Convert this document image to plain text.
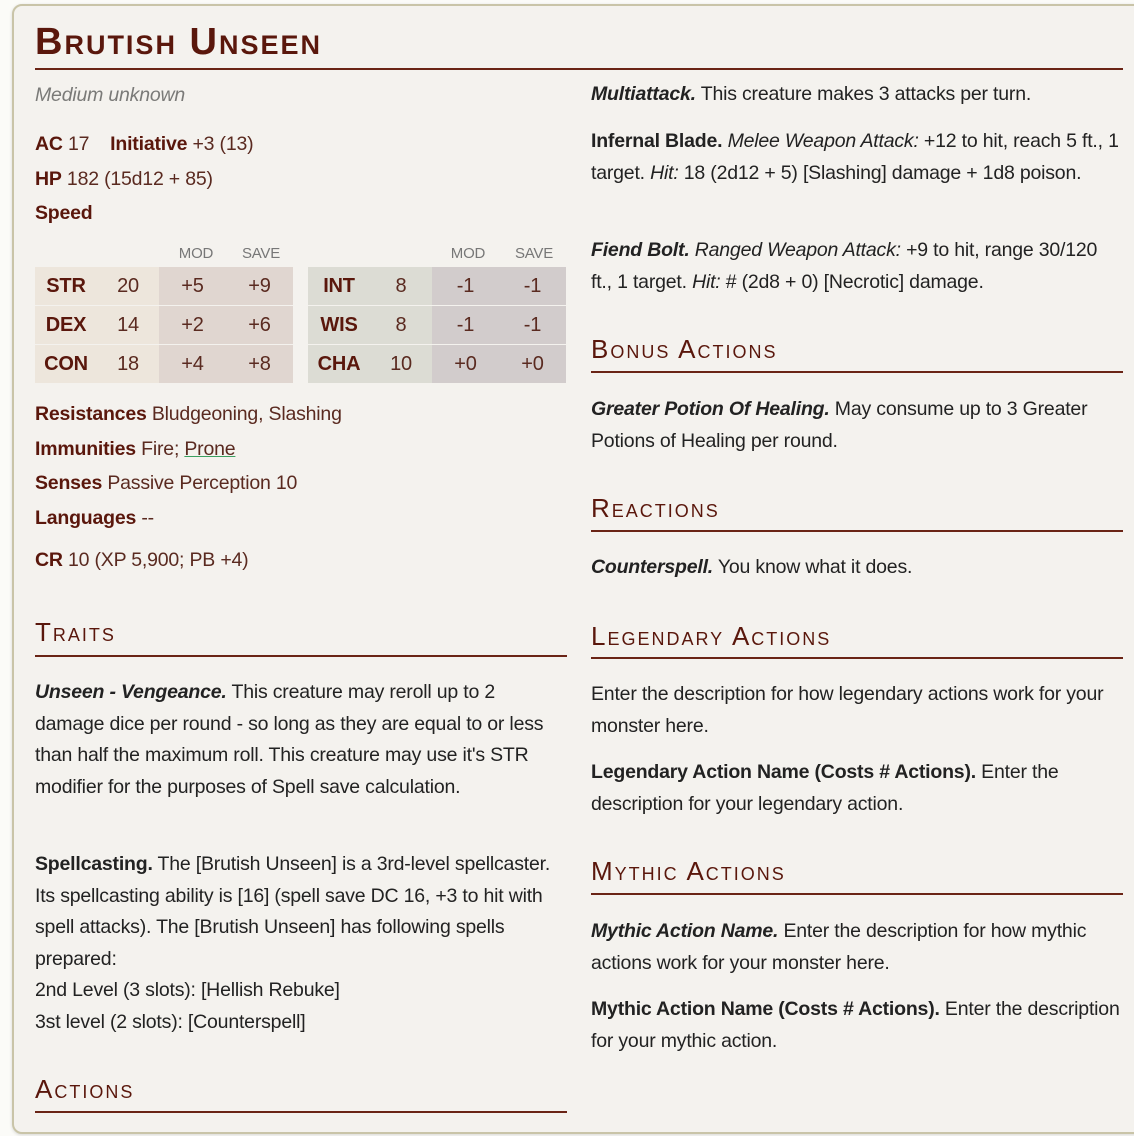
Brutish Unseen
Medium unknown
AC 17 Initiative +3 (13)
HP 182 (15d12 + 85)
Speed
MOD	SAVE	MOD	SAVE
STR	20	+5	+9
DEX	14	+2	+6
CON	18	+4	+8
INT	8	-1	-1
WIS	8	-1	-1
CHA	10	+0	+0
Resistances Bludgeoning, Slashing
Immunities Fire; Prone
Senses Passive Perception 10
Languages --
CR 10 (XP 5,900; PB +4)
Traits
Unseen - Vengeance. This creature may reroll up to 2 damage dice per round - so long as they are equal to or less than half the maximum roll. This creature may use it's STR modifier for the purposes of Spell save calculation.
Spellcasting. The [Brutish Unseen] is a 3rd-level spellcaster. Its spellcasting ability is [16] (spell save DC 16, +3 to hit with spell attacks). The [Brutish Unseen] has following spells prepared:
2nd Level (3 slots): [Hellish Rebuke]
3st level (2 slots): [Counterspell]
Actions
Multiattack. This creature makes 3 attacks per turn.
Infernal Blade. Melee Weapon Attack: +12 to hit, reach 5 ft., 1 target. Hit: 18 (2d12 + 5) [Slashing] damage + 1d8 poison.
Fiend Bolt. Ranged Weapon Attack: +9 to hit, range 30/120 ft., 1 target. Hit: # (2d8 + 0) [Necrotic] damage.
Bonus Actions
Greater Potion Of Healing. May consume up to 3 Greater Potions of Healing per round.
Reactions
Counterspell. You know what it does.
Legendary Actions
Enter the description for how legendary actions work for your monster here.
Legendary Action Name (Costs # Actions). Enter the description for your legendary action.
Mythic Actions
Mythic Action Name. Enter the description for how mythic actions work for your monster here.
Mythic Action Name (Costs # Actions). Enter the description for your mythic action.
